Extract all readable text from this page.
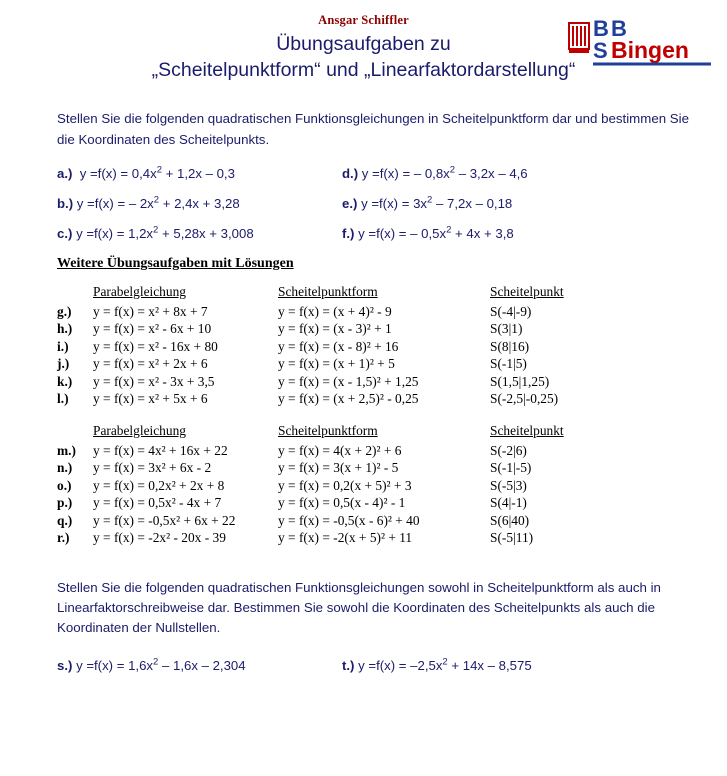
B B
S Bingen
Ansgar Schiffler
Übungsaufgaben zu
„Scheitelpunktform“ und „Linearfaktordarstellung“
Stellen Sie die folgenden quadratischen Funktionsgleichungen in Scheitelpunktform dar und bestimmen Sie die Koordinaten des Scheitelpunkts.
a.) $y =f(x) = 0,4x^2 + 1,2x - 0,3$	d.) y =f(x) = – $0,8x^2 - 3,2x - 4,6$
b.) y =f(x) = – $2x^2 + 2,4x + 3,28$	e.) $y =f(x) = 3x^2 - 7,2x - 0,18$
c.) $y =f(x) = 1,2x^2 + 5,28x + 3,008$	f.) y =f(x) = – $0,5x^2 + 4x + 3,8$
Weitere Übungsaufgaben mit Lösungen
	Parabelgleichung	Scheitelpunktform	Scheitelpunkt
g.)	y = f(x) = x² + 8x + 7	y = f(x) = (x + 4)² - 9	S(-4|-9)
h.)	y = f(x) = x² - 6x + 10	y = f(x) = (x - 3)² + 1	S(3|1)
i.)	y = f(x) = x² - 16x + 80	y = f(x) = (x - 8)² + 16	S(8|16)
j.)	y = f(x) = x² + 2x + 6	y = f(x) = (x + 1)² + 5	S(-1|5)
k.)	y = f(x) = x² - 3x + 3,5	y = f(x) = (x - 1,5)² + 1,25	S(1,5|1,25)
l.)	y = f(x) = x² + 5x + 6	y = f(x) = (x + 2,5)² - 0,25	S(-2,5|-0,25)
	Parabelgleichung	Scheitelpunktform	Scheitelpunkt
m.)	y = f(x) = 4x² + 16x + 22	y = f(x) = 4(x + 2)² + 6	S(-2|6)
n.)	y = f(x) = 3x² + 6x - 2	y = f(x) = 3(x + 1)² - 5	S(-1|-5)
o.)	y = f(x) = 0,2x² + 2x + 8	y = f(x) = 0,2(x + 5)² + 3	S(-5|3)
p.)	y = f(x) = 0,5x² - 4x + 7	y = f(x) = 0,5(x - 4)² - 1	S(4|-1)
q.)	y = f(x) = -0,5x² + 6x + 22	y = f(x) = -0,5(x - 6)² + 40	S(6|40)
r.)	y = f(x) = -2x² - 20x - 39	y = f(x) = -2(x + 5)² + 11	S(-5|11)
Stellen Sie die folgenden quadratischen Funktionsgleichungen sowohl in Scheitelpunktform als auch in Linearfaktorschreibweise dar. Bestimmen Sie sowohl die Koordinaten des Scheitelpunkts als auch die Koordinaten der Nullstellen.
s.) $y =f(x) = 1,6x^2 - 1,6x - 2,304$	t.) $y =f(x) = -2,5x^2 + 14x - 8,575$
